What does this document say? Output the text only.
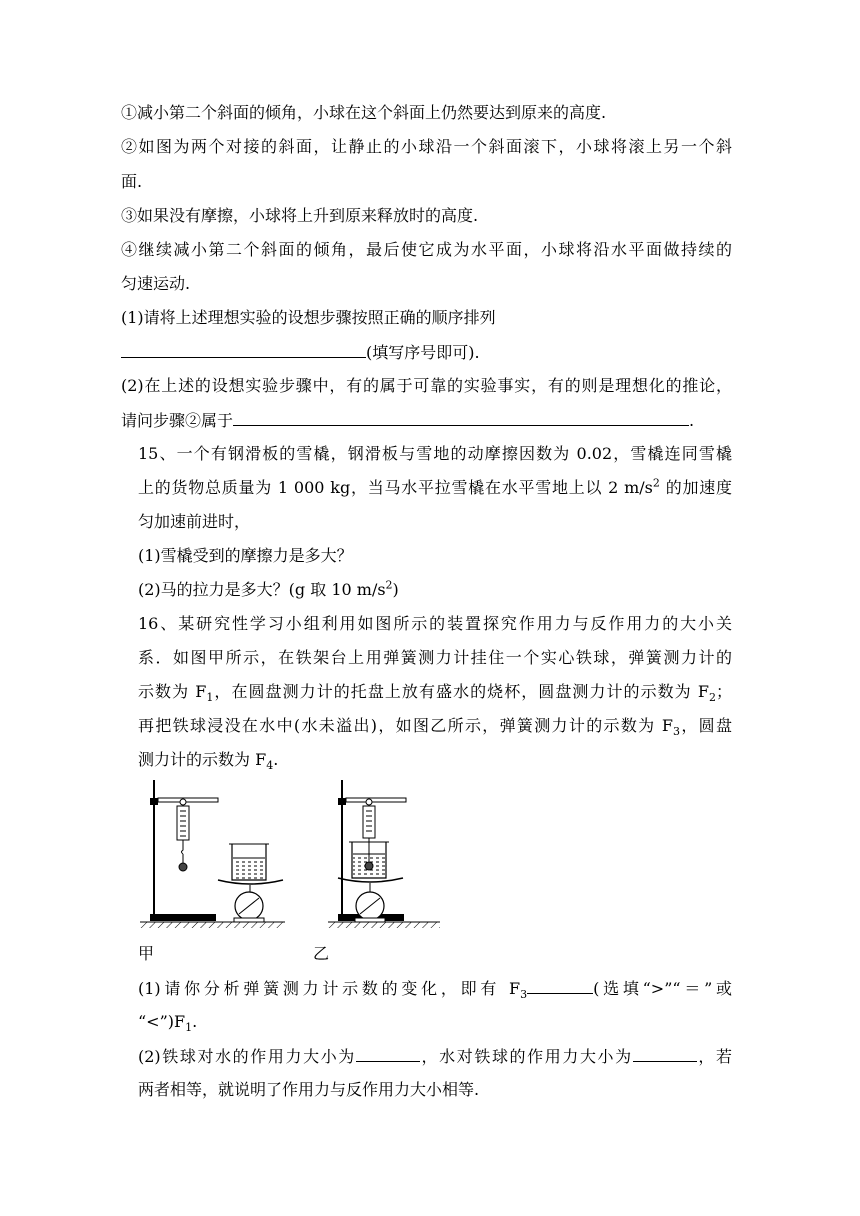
①减小第二个斜面的倾角，小球在这个斜面上仍然要达到原来的高度.
②如图为两个对接的斜面，让静止的小球沿一个斜面滚下，小球将滚上另一个斜
面.
③如果没有摩擦，小球将上升到原来释放时的高度.
④继续减小第二个斜面的倾角，最后使它成为水平面，小球将沿水平面做持续的
匀速运动.
(1)请将上述理想实验的设想步骤按照正确的顺序排列
(填写序号即可).
(2)在上述的设想实验步骤中，有的属于可靠的实验事实，有的则是理想化的推论，
请问步骤②属于	.
15、一个有钢滑板的雪橇，钢滑板与雪地的动摩擦因数为 0.02，雪橇连同雪橇
上的货物总质量为 1 000 kg，当马水平拉雪橇在水平雪地上以 2 $m/s^2$ 的加速度
匀加速前进时，
(1)雪橇受到的摩擦力是多大？
(2)马的拉力是多大？(g 取 10 $m/s^2$)
16、某研究性学习小组利用如图所示的装置探究作用力与反作用力的大小关
系．如图甲所示，在铁架台上用弹簧测力计挂住一个实心铁球，弹簧测力计的
示数为 $F_1$，在圆盘测力计的托盘上放有盛水的烧杯，圆盘测力计的示数为 $F_2$；
再把铁球浸没在水中(水未溢出)，如图乙所示，弹簧测力计的示数为 $F_3$，圆盘
测力计的示数为 $F_4$.
甲	乙
(1)请你分析弹簧测力计示数的变化，即有 $F_3$	(选填“>”“＝”或
“$<”)F_1$.
(2)铁球对水的作用力大小为	，水对铁球的作用力大小为	，若
两者相等，就说明了作用力与反作用力大小相等.
